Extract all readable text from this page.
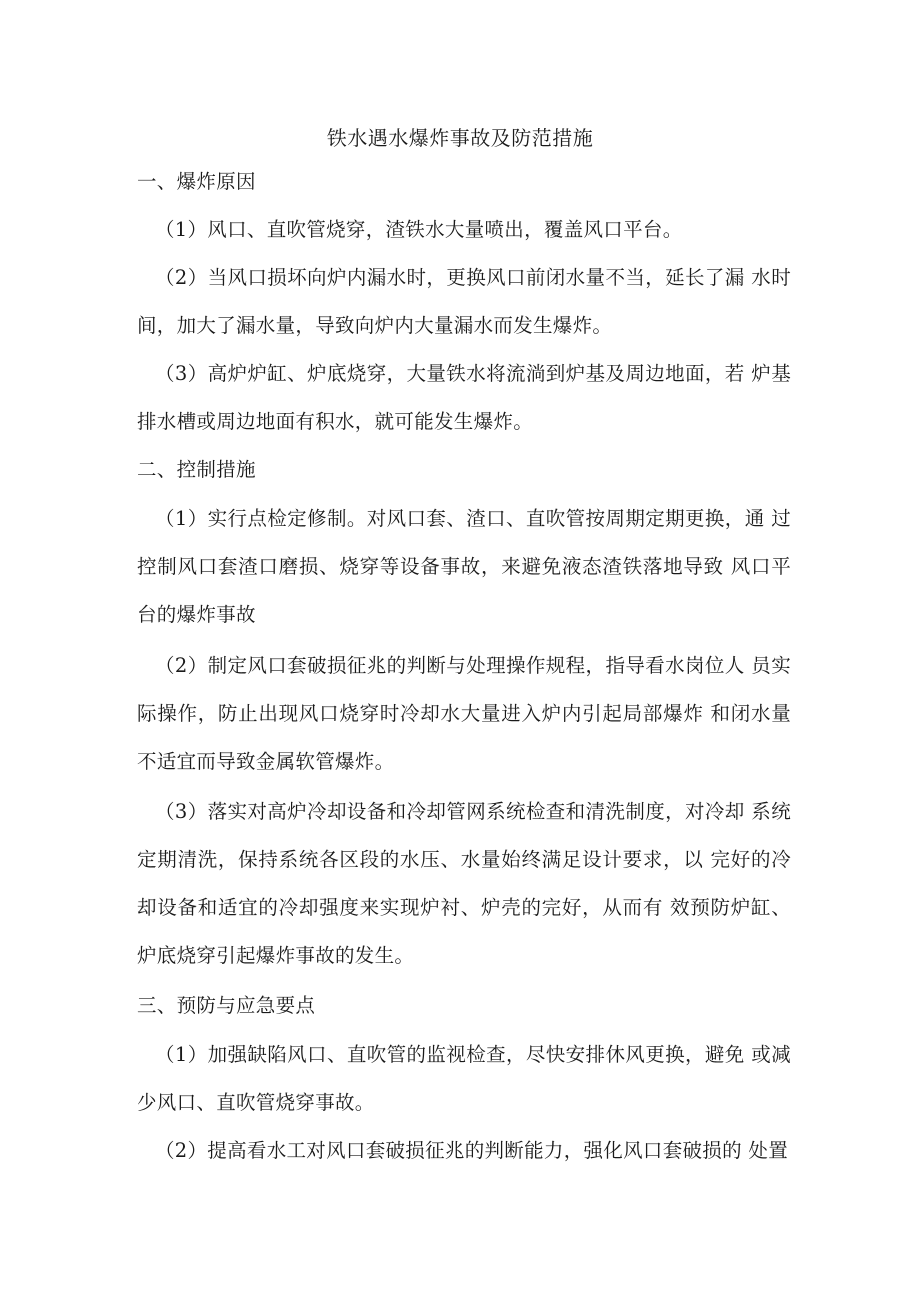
铁水遇水爆炸事故及防范措施
一、爆炸原因
（1）风口、直吹管烧穿，渣铁水大量喷出，覆盖风口平台。
（2）当风口损坏向炉内漏水时，更换风口前闭水量不当，延长了漏 水时间，加大了漏水量，导致向炉内大量漏水而发生爆炸。
（3）高炉炉缸、炉底烧穿，大量铁水将流淌到炉基及周边地面，若 炉基排水槽或周边地面有积水，就可能发生爆炸。
二、控制措施
（1）实行点检定修制。对风口套、渣口、直吹管按周期定期更换，通 过控制风口套渣口磨损、烧穿等设备事故，来避免液态渣铁落地导致 风口平台的爆炸事故
（2）制定风口套破损征兆的判断与处理操作规程，指导看水岗位人 员实际操作，防止出现风口烧穿时冷却水大量进入炉内引起局部爆炸 和闭水量不适宜而导致金属软管爆炸。
（3）落实对高炉冷却设备和冷却管网系统检查和清洗制度，对冷却 系统定期清洗，保持系统各区段的水压、水量始终满足设计要求，以 完好的冷却设备和适宜的冷却强度来实现炉衬、炉壳的完好，从而有 效预防炉缸、炉底烧穿引起爆炸事故的发生。
三、预防与应急要点
（1）加强缺陷风口、直吹管的监视检查，尽快安排休风更换，避免 或减少风口、直吹管烧穿事故。
（2）提高看水工对风口套破损征兆的判断能力，强化风口套破损的 处置
